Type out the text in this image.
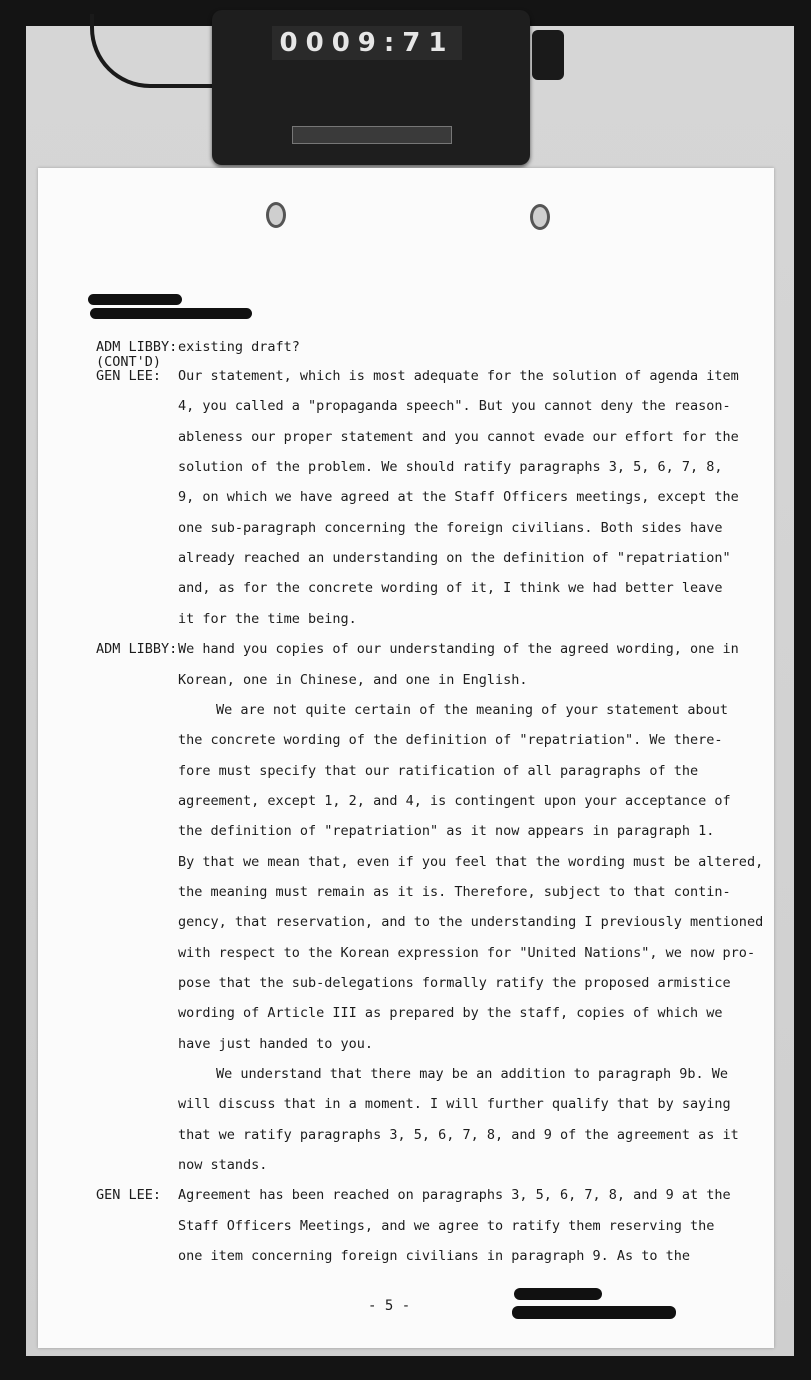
0009:71
ADM LIBBY: existing draft?
(CONT'D)
GEN LEE: Our statement, which is most adequate for the solution of agenda item
4, you called a "propaganda speech". But you cannot deny the reason-
ableness our proper statement and you cannot evade our effort for the
solution of the problem. We should ratify paragraphs 3, 5, 6, 7, 8,
9, on which we have agreed at the Staff Officers meetings, except the
one sub-paragraph concerning the foreign civilians. Both sides have
already reached an understanding on the definition of "repatriation"
and, as for the concrete wording of it, I think we had better leave
it for the time being.
ADM LIBBY: We hand you copies of our understanding of the agreed wording, one in
Korean, one in Chinese, and one in English.
We are not quite certain of the meaning of your statement about
the concrete wording of the definition of "repatriation". We there-
fore must specify that our ratification of all paragraphs of the
agreement, except 1, 2, and 4, is contingent upon your acceptance of
the definition of "repatriation" as it now appears in paragraph 1.
By that we mean that, even if you feel that the wording must be altered,
the meaning must remain as it is. Therefore, subject to that contin-
gency, that reservation, and to the understanding I previously mentioned
with respect to the Korean expression for "United Nations", we now pro-
pose that the sub-delegations formally ratify the proposed armistice
wording of Article III as prepared by the staff, copies of which we
have just handed to you.
We understand that there may be an addition to paragraph 9b. We
will discuss that in a moment. I will further qualify that by saying
that we ratify paragraphs 3, 5, 6, 7, 8, and 9 of the agreement as it
now stands.
GEN LEE: Agreement has been reached on paragraphs 3, 5, 6, 7, 8, and 9 at the
Staff Officers Meetings, and we agree to ratify them reserving the
one item concerning foreign civilians in paragraph 9. As to the
- 5 -
